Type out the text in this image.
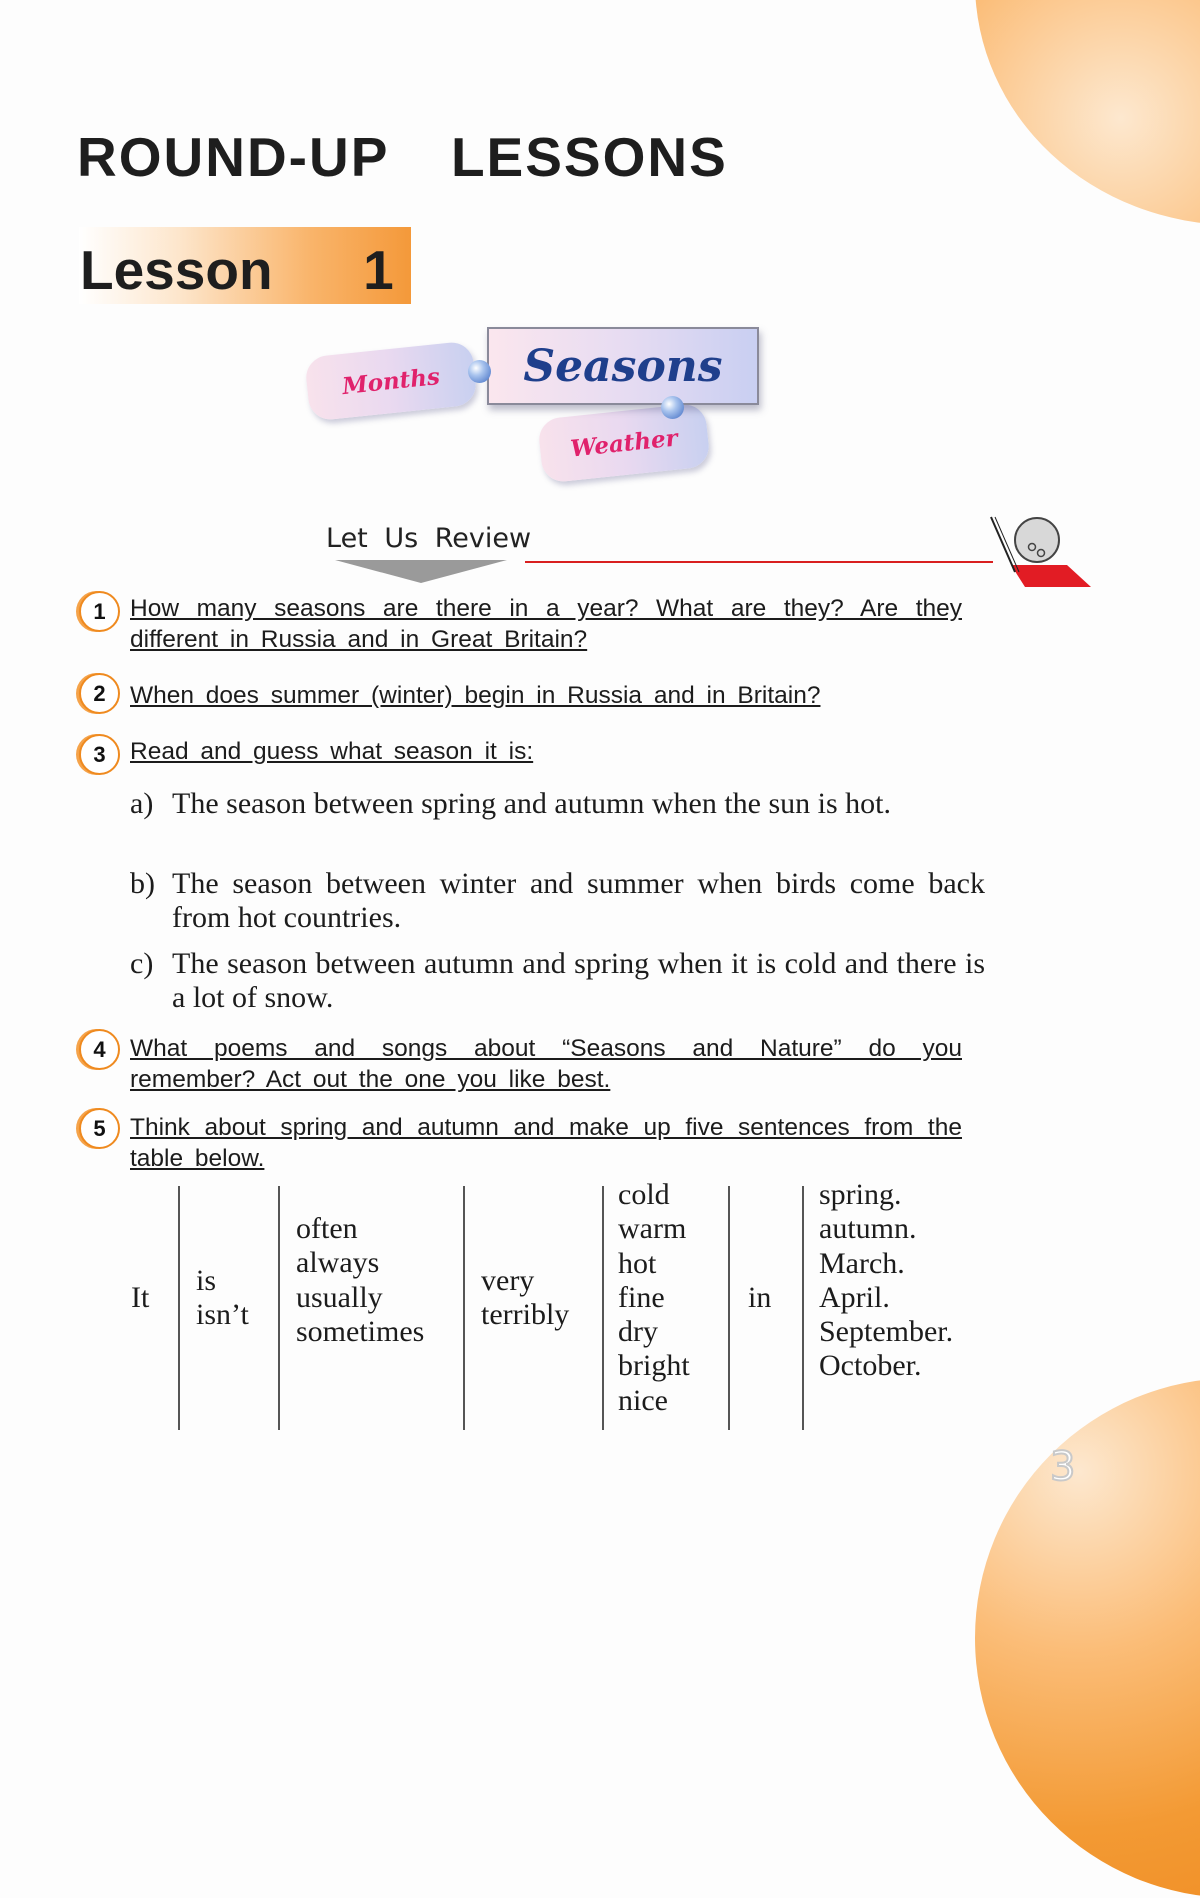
3
ROUND-UP  LESSONS
Lesson  1
Months
Weather
Seasons
Let Us Review
1 How many seasons are there in a year? What are they? Are they different in Russia and in Great Britain?

2 When does summer (winter) begin in Russia and in Britain?

3 Read and guess what season it is:

a) The season between spring and autumn when the sun is hot.
b) The season between winter and summer when birds come back from hot countries.
c) The season between autumn and spring when it is cold and there is a lot of snow.
4 What poems and songs about “Seasons and Nature” do you remember? Act out the one you like best.

5 Think about spring and autumn and make up five sentences from the table below.

It
is
isn’t
often
always
usually
sometimes
very
terribly
cold
warm
hot
fine
dry
bright
nice
in
spring.
autumn.
March.
April.
September.
October.
